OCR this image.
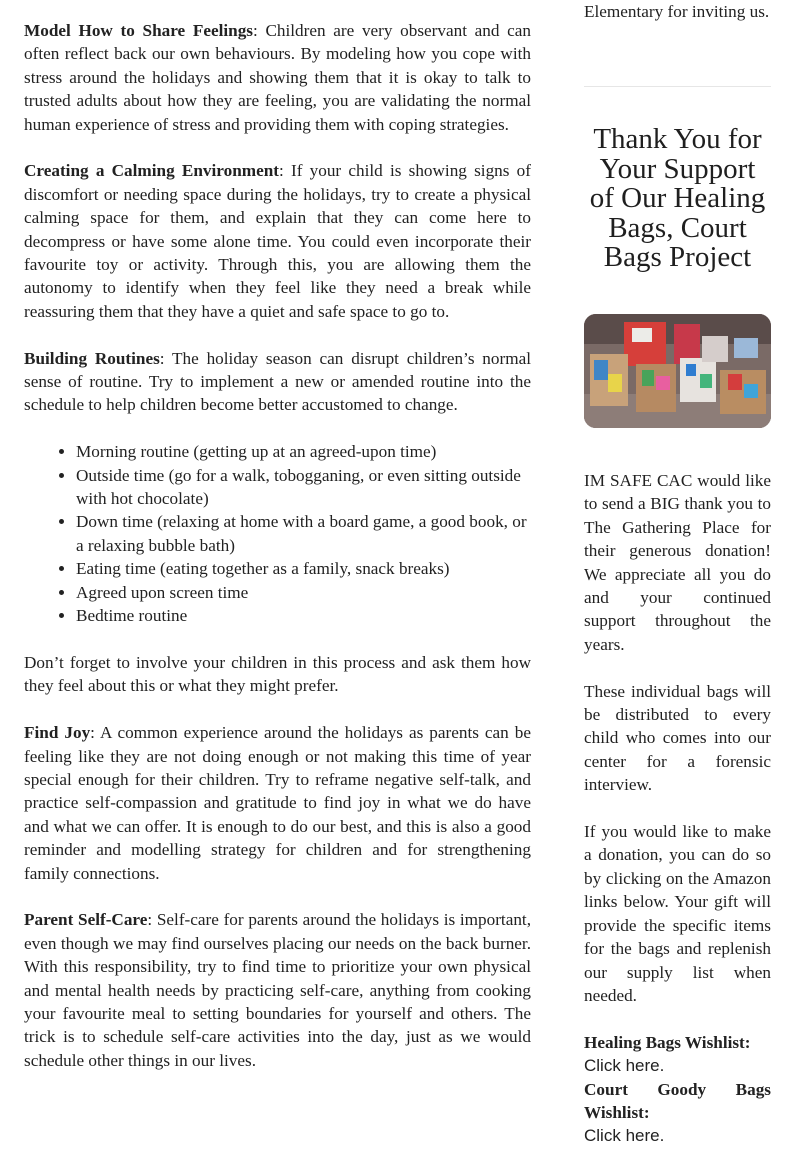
Model How to Share Feelings: Children are very observant and can often reflect back our own behaviours. By modeling how you cope with stress around the holidays and showing them that it is okay to talk to trusted adults about how they are feeling, you are validating the normal human experience of stress and providing them with coping strategies.

Creating a Calming Environment: If your child is showing signs of discomfort or needing space during the holidays, try to create a physical calming space for them, and explain that they can come here to decompress or have some alone time. You could even incorporate their favourite toy or activity. Through this, you are allowing them the autonomy to identify when they feel like they need a break while reassuring them that they have a quiet and safe space to go to.

Building Routines: The holiday season can disrupt children’s normal sense of routine. Try to implement a new or amended routine into the schedule to help children become better accustomed to change.

• Morning routine (getting up at an agreed-upon time)
• Outside time (go for a walk, tobogganing, or even sitting outside with hot chocolate)
• Down time (relaxing at home with a board game, a good book, or a relaxing bubble bath)
• Eating time (eating together as a family, snack breaks)
• Agreed upon screen time
• Bedtime routine

Don’t forget to involve your children in this process and ask them how they feel about this or what they might prefer.

Find Joy: A common experience around the holidays as parents can be feeling like they are not doing enough or not making this time of year special enough for their children. Try to reframe negative self-talk, and practice self-compassion and gratitude to find joy in what we do have and what we can offer. It is enough to do our best, and this is also a good reminder and modelling strategy for children and for strengthening family connections.

Parent Self-Care: Self-care for parents around the holidays is important, even though we may find ourselves placing our needs on the back burner. With this responsibility, try to find time to prioritize your own physical and mental health needs by practicing self-care, anything from cooking your favourite meal to setting boundaries for yourself and others. The trick is to schedule self-care activities into the day, just as we would schedule other things in our lives.

Elementary for inviting us.
Thank You for Your Support of Our Healing Bags, Court Bags Project

IM SAFE CAC would like to send a BIG thank you to The Gathering Place for their generous donation! We appreciate all you do and your continued support throughout the years.

These individual bags will be distributed to every child who comes into our center for a forensic interview.

If you would like to make a donation, you can do so by clicking on the Amazon links below. Your gift will provide the specific items for the bags and replenish our supply list when needed.

Healing Bags Wishlist:
Click here.
Court Goody Bags Wishlist:
Click here.
